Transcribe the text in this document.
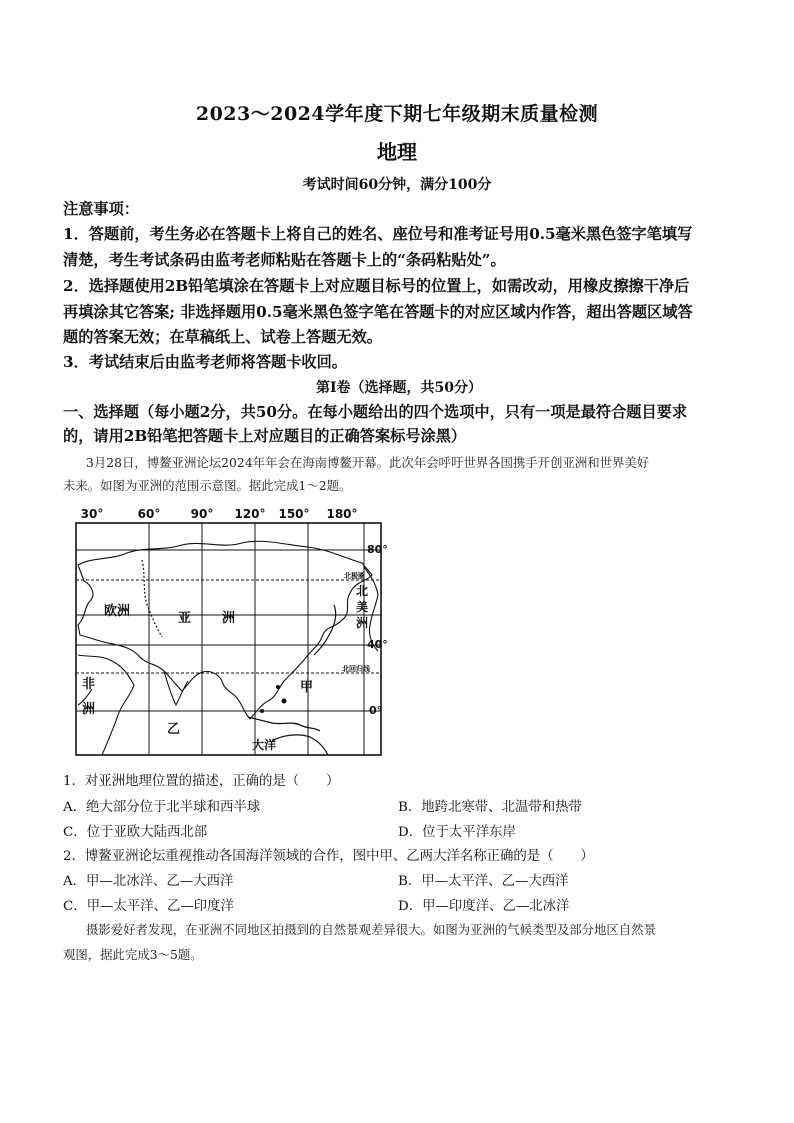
2023～2024学年度下期七年级期末质量检测
地理
考试时间60分钟，满分100分
注意事项：
1．答题前，考生务必在答题卡上将自己的姓名、座位号和准考证号用0.5毫米黑色签字笔填写
清楚，考生考试条码由监考老师粘贴在答题卡上的“条码粘贴处”。
2．选择题使用2B铅笔填涂在答题卡上对应题目标号的位置上，如需改动，用橡皮擦擦干净后
再填涂其它答案; 非选择题用0.5毫米黑色签字笔在答题卡的对应区域内作答，超出答题区域答
题的答案无效；在草稿纸上、试卷上答题无效。
3．考试结束后由监考老师将答题卡收回。
第Ⅰ卷（选择题，共50分）
一、选择题（每小题2分，共50分。在每小题给出的四个选项中，只有一项是最符合题目要求
的，请用2B铅笔把答题卡上对应题目的正确答案标号涂黑）
3月28日，博鳌亚洲论坛2024年年会在海南博鳌开幕。此次年会呼吁世界各国携手开创亚洲和世界美好
未来。如图为亚洲的范围示意图。据此完成1～2题。
30°	60°	90° 120° 150° 180°
80°
40°
0°
北极圈
北回归线
欧洲	亚 洲
非
洲
北
美
洲
甲
乙
大洋
1．对亚洲地理位置的描述，正确的是（　　）
A．绝大部分位于北半球和西半球	B．地跨北寒带、北温带和热带
C．位于亚欧大陆西北部	D．位于太平洋东岸
2．博鳌亚洲论坛重视推动各国海洋领域的合作，图中甲、乙两大洋名称正确的是（　　）
A．甲—北冰洋、乙—大西洋	B．甲—太平洋、乙—大西洋
C．甲—太平洋、乙—印度洋	D．甲—印度洋、乙—北冰洋
摄影爱好者发现，在亚洲不同地区拍摄到的自然景观差异很大。如图为亚洲的气候类型及部分地区自然景
观图，据此完成3～5题。
